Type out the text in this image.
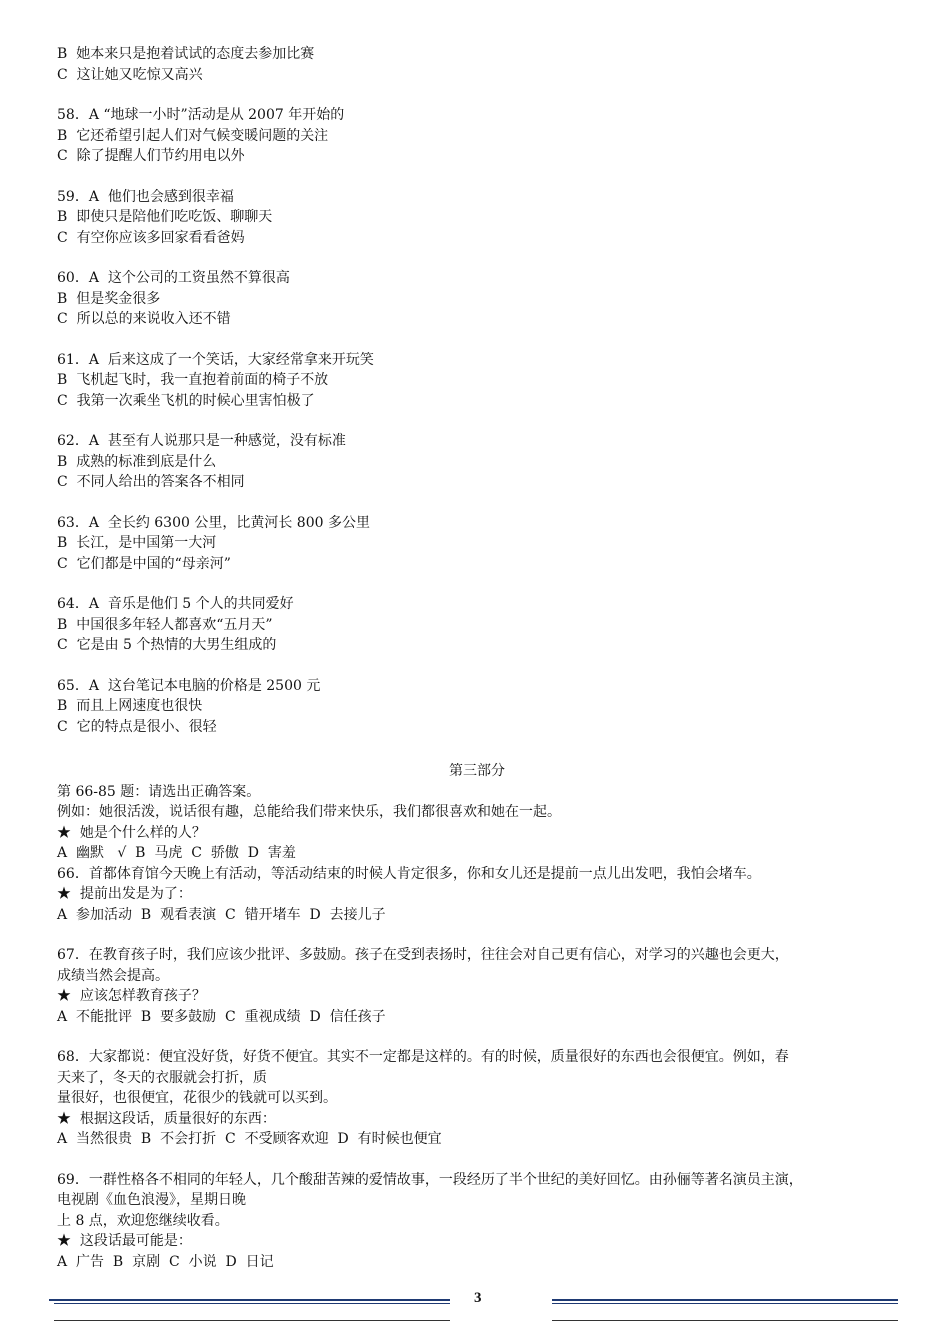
B  她本来只是抱着试试的态度去参加比赛
C  这让她又吃惊又高兴
58．A “地球一小时”活动是从 2007 年开始的
B  它还希望引起人们对气候变暖问题的关注
C  除了提醒人们节约用电以外
59．A  他们也会感到很幸福
B  即使只是陪他们吃吃饭、聊聊天
C  有空你应该多回家看看爸妈
60．A  这个公司的工资虽然不算很高
B  但是奖金很多
C  所以总的来说收入还不错
61．A  后来这成了一个笑话，大家经常拿来开玩笑
B  飞机起飞时，我一直抱着前面的椅子不放
C  我第一次乘坐飞机的时候心里害怕极了
62．A  甚至有人说那只是一种感觉，没有标准
B  成熟的标准到底是什么
C  不同人给出的答案各不相同
63．A  全长约 6300 公里，比黄河长 800 多公里
B  长江，是中国第一大河
C  它们都是中国的“母亲河”
64．A  音乐是他们 5 个人的共同爱好
B  中国很多年轻人都喜欢“五月天”
C  它是由 5 个热情的大男生组成的
65．A  这台笔记本电脑的价格是 2500 元
B  而且上网速度也很快
C  它的特点是很小、很轻
第三部分
第 66-85 题：请选出正确答案。
例如：她很活泼，说话很有趣，总能给我们带来快乐，我们都很喜欢和她在一起。
★  她是个什么样的人？
A  幽默   √  B  马虎  C  骄傲  D  害羞
66．首都体育馆今天晚上有活动，等活动结束的时候人肯定很多，你和女儿还是提前一点儿出发吧，我怕会堵车。
★  提前出发是为了：
A  参加活动  B  观看表演  C  错开堵车  D  去接儿子
67．在教育孩子时，我们应该少批评、多鼓励。孩子在受到表扬时，往往会对自己更有信心，对学习的兴趣也会更大，
成绩当然会提高。
★  应该怎样教育孩子？
A  不能批评  B  要多鼓励  C  重视成绩  D  信任孩子
68．大家都说：便宜没好货，好货不便宜。其实不一定都是这样的。有的时候，质量很好的东西也会很便宜。例如，春
天来了，冬天的衣服就会打折，质
量很好，也很便宜，花很少的钱就可以买到。
★  根据这段话，质量很好的东西：
A  当然很贵  B  不会打折  C  不受顾客欢迎  D  有时候也便宜
69．一群性格各不相同的年轻人，几个酸甜苦辣的爱情故事，一段经历了半个世纪的美好回忆。由孙俪等著名演员主演，
电视剧《血色浪漫》，星期日晚
上 8 点，欢迎您继续收看。
★  这段话最可能是：
A  广告  B  京剧  C  小说  D  日记
3
